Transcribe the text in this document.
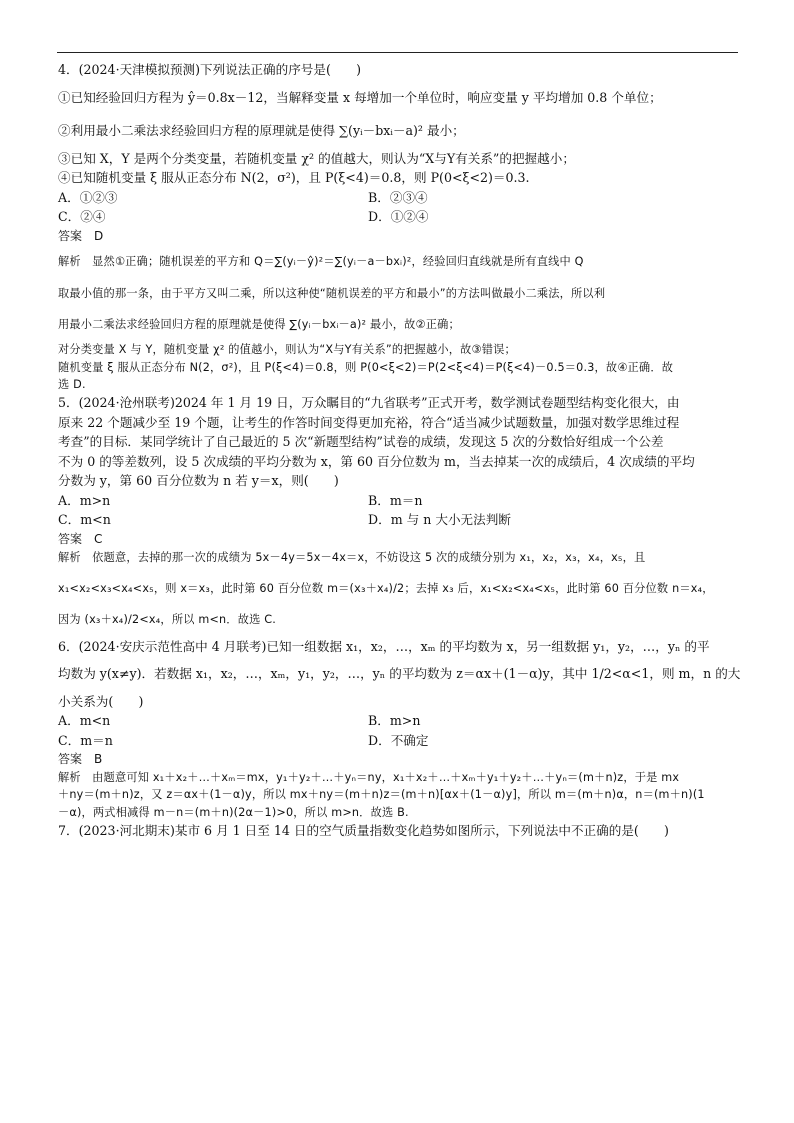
4．(2024·天津模拟预测)下列说法正确的序号是(　　)

①已知经验回归方程为 ŷ＝0.8x－12，当解释变量 x 每增加一个单位时，响应变量 y 平均增加 0.8 个单位；

②利用最小二乘法求经验回归方程的原理就是使得 ∑(yᵢ－bxᵢ－a)² 最小；

③已知 X，Y 是两个分类变量，若随机变量 χ² 的值越大，则认为“X与Y有关系”的把握越小；

④已知随机变量 ξ 服从正态分布 N(2，σ²)，且 P(ξ<4)＝0.8，则 P(0<ξ<2)＝0.3.

A．①②③	B．②③④
C．②④	D．①②④

答案　D

解析　显然①正确；随机误差的平方和 Q＝∑(yᵢ－ŷ)²＝∑(yᵢ－a－bxᵢ)²，经验回归直线就是所有直线中 Q

取最小值的那一条，由于平方又叫二乘，所以这种使“随机误差的平方和最小”的方法叫做最小二乘法，所以利

用最小二乘法求经验回归方程的原理就是使得 ∑(yᵢ－bxᵢ－a)² 最小，故②正确；

对分类变量 X 与 Y，随机变量 χ² 的值越小，则认为“X与Y有关系”的把握越小，故③错误；

随机变量 ξ 服从正态分布 N(2，σ²)，且 P(ξ<4)＝0.8，则 P(0<ξ<2)＝P(2<ξ<4)＝P(ξ<4)－0.5＝0.3，故④正确．故

选 D.

5．(2024·沧州联考)2024 年 1 月 19 日，万众瞩目的“九省联考”正式开考，数学测试卷题型结构变化很大，由

原来 22 个题减少至 19 个题，让考生的作答时间变得更加充裕，符合“适当减少试题数量，加强对数学思维过程

考查”的目标．某同学统计了自己最近的 5 次“新题型结构”试卷的成绩，发现这 5 次的分数恰好组成一个公差

不为 0 的等差数列，设 5 次成绩的平均分数为 x，第 60 百分位数为 m，当去掉某一次的成绩后，4 次成绩的平均

分数为 y，第 60 百分位数为 n 若 y＝x，则(　　)

A．m>n	B．m＝n
C．m<n	D．m 与 n 大小无法判断

答案　C

解析　依题意，去掉的那一次的成绩为 5x－4y＝5x－4x＝x，不妨设这 5 次的成绩分别为 x₁，x₂，x₃，x₄，x₅，且

x₁<x₂<x₃<x₄<x₅，则 x＝x₃，此时第 60 百分位数 m＝(x₃＋x₄)/2；去掉 x₃ 后，x₁<x₂<x₄<x₅，此时第 60 百分位数 n＝x₄，

因为 (x₃＋x₄)/2<x₄，所以 m<n．故选 C.

6．(2024·安庆示范性高中 4 月联考)已知一组数据 x₁，x₂，…，xₘ 的平均数为 x，另一组数据 y₁，y₂，…，yₙ 的平

均数为 y(x≠y)．若数据 x₁，x₂，…，xₘ，y₁，y₂，…，yₙ 的平均数为 z＝αx＋(1－α)y，其中 1/2<α<1，则 m，n 的大

小关系为(　　)

A．m<n	B．m>n
C．m＝n	D．不确定

答案　B

解析　由题意可知 x₁＋x₂＋…＋xₘ＝mx，y₁＋y₂＋…＋yₙ＝ny，x₁＋x₂＋…＋xₘ＋y₁＋y₂＋…＋yₙ＝(m＋n)z，于是 mx

＋ny＝(m＋n)z，又 z＝αx＋(1－α)y，所以 mx＋ny＝(m＋n)z＝(m＋n)[αx＋(1－α)y]，所以 m＝(m＋n)α，n＝(m＋n)(1

－α)，两式相减得 m－n＝(m＋n)(2α－1)>0，所以 m>n．故选 B.

7．(2023·河北期末)某市 6 月 1 日至 14 日的空气质量指数变化趋势如图所示，下列说法中不正确的是(　　)
